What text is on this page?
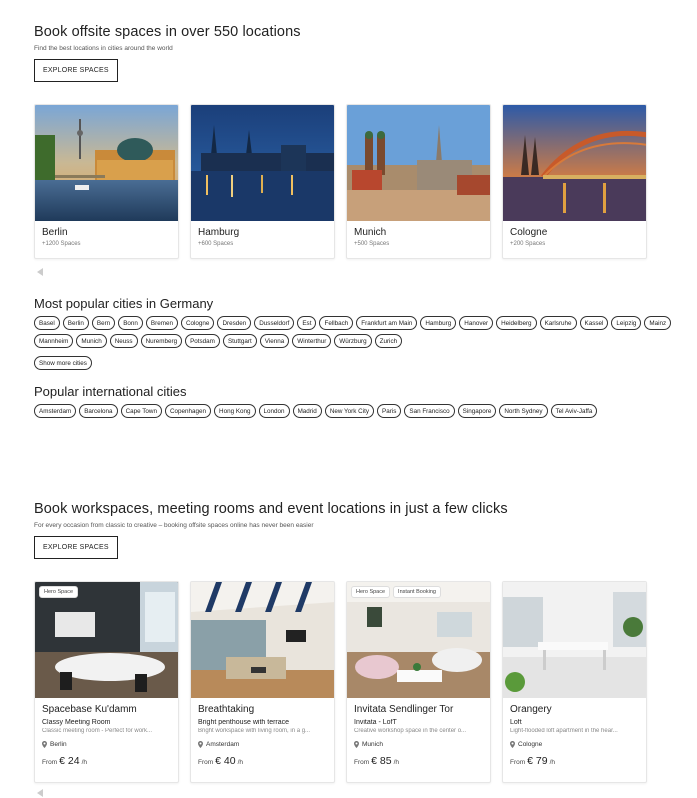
Book offsite spaces in over 550 locations
Find the best locations in cities around the world
EXPLORE SPACES
Berlin
+1200 Spaces
Hamburg
+600 Spaces
Munich
+500 Spaces
Cologne
+200 Spaces
Most popular cities in Germany
Basel	Berlin	Bern	Bonn	Bremen	Cologne	Dresden	Dusseldorf	Est	Fellbach	Frankfurt am Main	Hamburg	Hanover	Heidelberg	Karlsruhe	Kassel	Leipzig	Mainz
Mannheim	Munich	Neuss	Nuremberg	Potsdam	Stuttgart	Vienna	Winterthur	Würzburg	Zurich
Show more cities
Popular international cities
Amsterdam	Barcelona	Cape Town	Copenhagen	Hong Kong	London	Madrid	New York City	Paris	San Francisco	Singapore	North Sydney	Tel Aviv-Jaffa
Book workspaces, meeting rooms and event locations in just a few clicks
For every occasion from classic to creative – booking offsite spaces online has never been easier
EXPLORE SPACES
Hero Space
Spacebase Ku'damm
Classy Meeting Room
Classic meeting room - Perfect for work...
Berlin
From € 24 /h
Breathtaking
Bright penthouse with terrace
Bright workspace with living room, in a g...
Amsterdam
From € 40 /h
Hero Space	Instant Booking
Invitata Sendlinger Tor
Invitata - LofT
Creative workshop space in the center o...
Munich
From € 85 /h
Orangery
Loft
Light-flooded loft apartment in the hear...
Cologne
From € 79 /h
